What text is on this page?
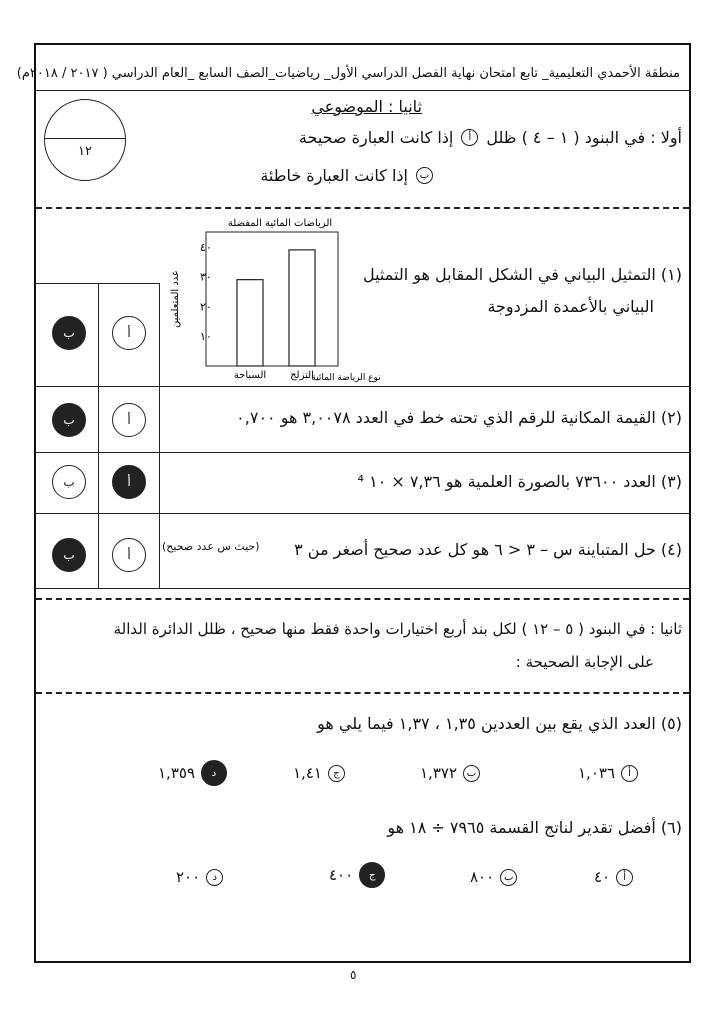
منطقة الأحمدي التعليمية_ تابع امتحان نهاية الفصل الدراسي الأول_ رياضيات_الصف السابع _العام الدراسي ( ٢٠١٧ / ٢٠١٨م)
ثانيا : الموضوعي
١٢
أولا : في البنود ( ١ – ٤ ) ظلل
أ
إذا كانت العبارة صحيحة
ب
إذا كانت العبارة خاطئة
الرياضات المائية المفضلة
عدد المتعلمين
١٠
٢٠
٣٠
٤٠
السباحة التزلج
نوع الرياضة المائية
(١) التمثيل البياني في الشكل المقابل هو التمثيل
البياني بالأعمدة المزدوجة
أ
ب
(٢) القيمة المكانية للرقم الذي تحته خط في العدد ٣,٠٠٧٨ هو ٠,٧٠٠
أ
ب
(٣) العدد ٧٣٦٠٠ بالصورة العلمية هو ٧,٣٦ × ١٠ ⁴
أ
ب
(٤) حل المتباينة س – ٣ < ٦ هو كل عدد صحيح أصغر من ٣
(حيث س عدد صحيح)
أ
ب
ثانيا : في البنود ( ٥ – ١٢ ) لكل بند أربع اختيارات واحدة فقط منها صحيح ، ظلل الدائرة الدالة
على الإجابة الصحيحة :
(٥) العدد الذي يقع بين العددين ١,٣٥ ، ١,٣٧ فيما يلي هو
أ
١,٠٣٦
ب
١,٣٧٢
ج
١,٤١
د
١,٣٥٩
(٦) أفضل تقدير لناتج القسمة ٧٩٦٥ ÷ ١٨ هو
أ
٤٠
ب
٨٠٠
ج
٤٠٠
د
٢٠٠
٥
